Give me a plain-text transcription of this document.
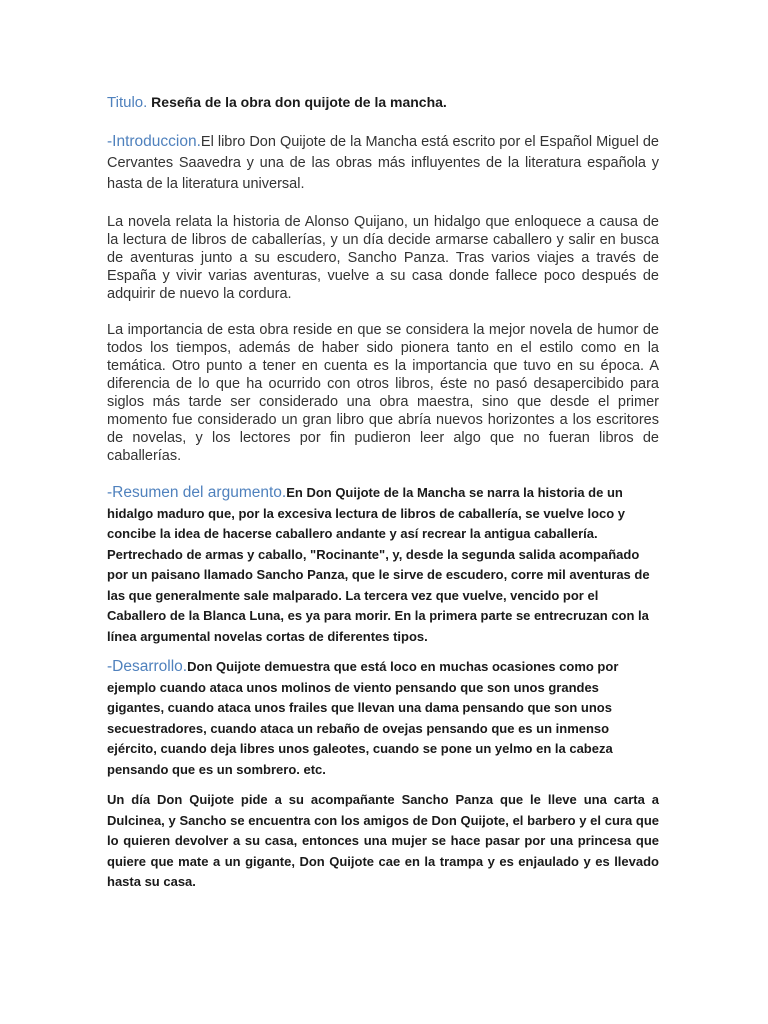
Titulo. Reseña de la obra don quijote de la mancha.

-Introduccion.El libro Don Quijote de la Mancha está escrito por el Español Miguel de Cervantes Saavedra y una de las obras más influyentes de la literatura española y hasta de la literatura universal.

La novela relata la historia de Alonso Quijano, un hidalgo que enloquece a causa de la lectura de libros de caballerías, y un día decide armarse caballero y salir en busca de aventuras junto a su escudero, Sancho Panza. Tras varios viajes a través de España y vivir varias aventuras, vuelve a su casa donde fallece poco después de adquirir de nuevo la cordura.

La importancia de esta obra reside en que se considera la mejor novela de humor de todos los tiempos, además de haber sido pionera tanto en el estilo como en la temática. Otro punto a tener en cuenta es la importancia que tuvo en su época. A diferencia de lo que ha ocurrido con otros libros, éste no pasó desapercibido para siglos más tarde ser considerado una obra maestra, sino que desde el primer momento fue considerado un gran libro que abría nuevos horizontes a los escritores de novelas, y los lectores por fin pudieron leer algo que no fueran libros de caballerías.

-Resumen del argumento.En Don Quijote de la Mancha se narra la historia de un hidalgo maduro que, por la excesiva lectura de libros de caballería, se vuelve loco y concibe la idea de hacerse caballero andante y así recrear la antigua caballería. Pertrechado de armas y caballo, "Rocinante", y, desde la segunda salida acompañado por un paisano llamado Sancho Panza, que le sirve de escudero, corre mil aventuras de las que generalmente sale malparado. La tercera vez que vuelve, vencido por el Caballero de la Blanca Luna, es ya para morir. En la primera parte se entrecruzan con la línea argumental novelas cortas de diferentes tipos.

-Desarrollo.Don Quijote demuestra que está loco en muchas ocasiones como por ejemplo cuando ataca unos molinos de viento pensando que son unos grandes gigantes, cuando ataca unos frailes que llevan una dama pensando que son unos secuestradores, cuando ataca un rebaño de ovejas pensando que es un inmenso ejército, cuando deja libres unos galeotes, cuando se pone un yelmo en la cabeza pensando que es un sombrero. etc.

Un día Don Quijote pide a su acompañante Sancho Panza que le lleve una carta a Dulcinea, y Sancho se encuentra con los amigos de Don Quijote, el barbero y el cura que lo quieren devolver a su casa, entonces una mujer se hace pasar por una princesa que quiere que mate a un gigante, Don Quijote cae en la trampa y es enjaulado y es llevado hasta su casa.
